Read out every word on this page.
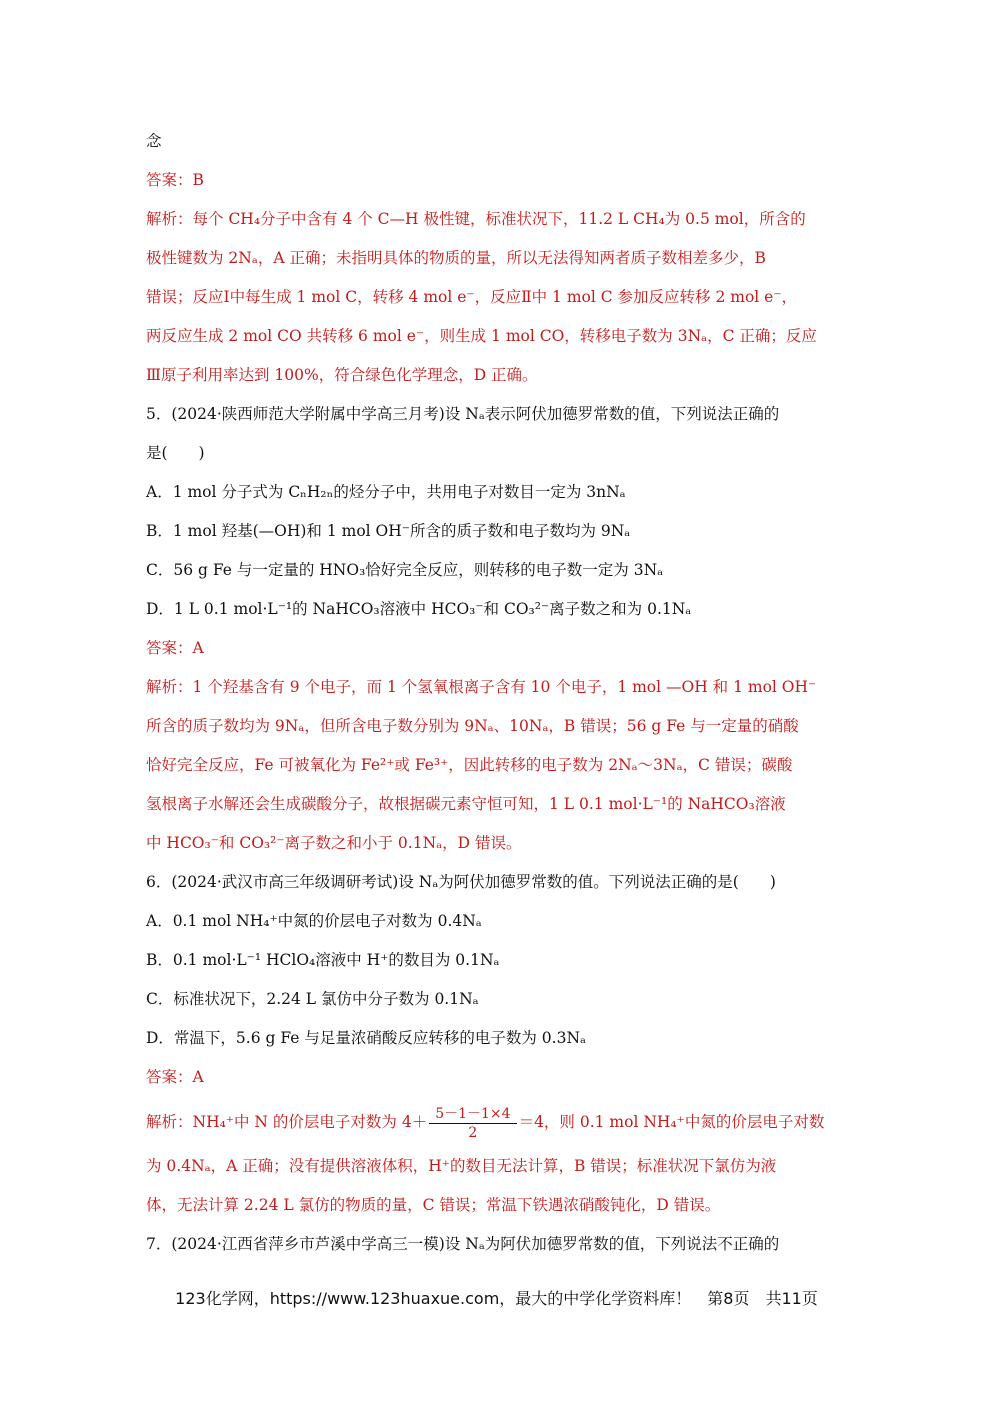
念
答案：B
解析：每个 CH₄分子中含有 4 个 C—H 极性键，标准状况下，11.2 L CH₄为 0.5 mol，所含的
极性键数为 2Nₐ，A 正确；未指明具体的物质的量，所以无法得知两者质子数相差多少，B
错误；反应Ⅰ中每生成 1 mol C，转移 4 mol e⁻，反应Ⅱ中 1 mol C 参加反应转移 2 mol e⁻，
两反应生成 2 mol CO 共转移 6 mol e⁻，则生成 1 mol CO，转移电子数为 3Nₐ，C 正确；反应
Ⅲ原子利用率达到 100%，符合绿色化学理念，D 正确。
5．(2024·陕西师范大学附属中学高三月考)设 Nₐ表示阿伏加德罗常数的值，下列说法正确的
是(　　)
A．1 mol 分子式为 CₙH₂ₙ的烃分子中，共用电子对数目一定为 3nNₐ
B．1 mol 羟基(—OH)和 1 mol OH⁻所含的质子数和电子数均为 9Nₐ
C．56 g Fe 与一定量的 HNO₃恰好完全反应，则转移的电子数一定为 3Nₐ
D．1 L 0.1 mol·L⁻¹的 NaHCO₃溶液中 HCO₃⁻和 CO₃²⁻离子数之和为 0.1Nₐ
答案：A
解析：1 个羟基含有 9 个电子，而 1 个氢氧根离子含有 10 个电子，1 mol —OH 和 1 mol OH⁻
所含的质子数均为 9Nₐ，但所含电子数分别为 9Nₐ、10Nₐ，B 错误；56 g Fe 与一定量的硝酸
恰好完全反应，Fe 可被氧化为 Fe²⁺或 Fe³⁺，因此转移的电子数为 2Nₐ～3Nₐ，C 错误；碳酸
氢根离子水解还会生成碳酸分子，故根据碳元素守恒可知，1 L 0.1 mol·L⁻¹的 NaHCO₃溶液
中 HCO₃⁻和 CO₃²⁻离子数之和小于 0.1Nₐ，D 错误。
6．(2024·武汉市高三年级调研考试)设 Nₐ为阿伏加德罗常数的值。下列说法正确的是(　　)
A．0.1 mol NH₄⁺中氮的价层电子对数为 0.4Nₐ
B．0.1 mol·L⁻¹ HClO₄溶液中 H⁺的数目为 0.1Nₐ
C．标准状况下，2.24 L 氯仿中分子数为 0.1Nₐ
D．常温下，5.6 g Fe 与足量浓硝酸反应转移的电子数为 0.3Nₐ
答案：A
解析：NH₄⁺中 N 的价层电子对数为 $4+ \frac{5-1-1\times 4}{2} =4$，则 0.1 mol NH₄⁺中氮的价层电子对数
为 0.4Nₐ，A 正确；没有提供溶液体积，H⁺的数目无法计算，B 错误；标准状况下氯仿为液
体，无法计算 2.24 L 氯仿的物质的量，C 错误；常温下铁遇浓硝酸钝化，D 错误。
7．(2024·江西省萍乡市芦溪中学高三一模)设 Nₐ为阿伏加德罗常数的值，下列说法不正确的
123化学网，https://www.123huaxue.com，最大的中学化学资料库！　第8页　共11页
